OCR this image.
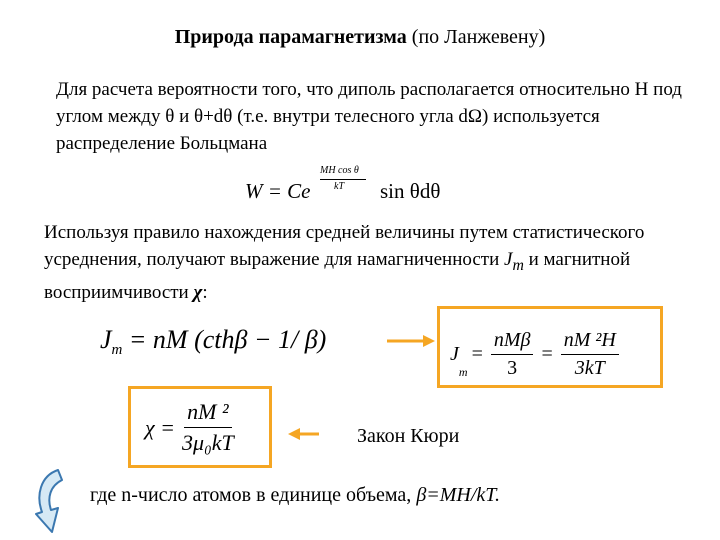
Природа парамагнетизма (по Ланжевену)
Для расчета вероятности того, что диполь располагается относительно H под углом между θ и θ+dθ (т.е. внутри телесного угла dΩ) используется распределение Больцмана
W = Ce
MH cos θ
kT sin θdθ
Используя правило нахождения средней величины путем статистического усреднения, получают выражение для намагниченности $J_m$ и магнитной восприимчивости χ:
$J_m$ = nM (cthβ − 1/ β)	J
$_m$
= $\frac{\text{nMβ}}{3} = \frac{\text{nM ²H}}{3kT}$
$\chi = \frac{\text{nM ²}}{\text{3μ₀kT}}$	Закон Кюри
где n-число атомов в единице объема, β=MH/kT.
